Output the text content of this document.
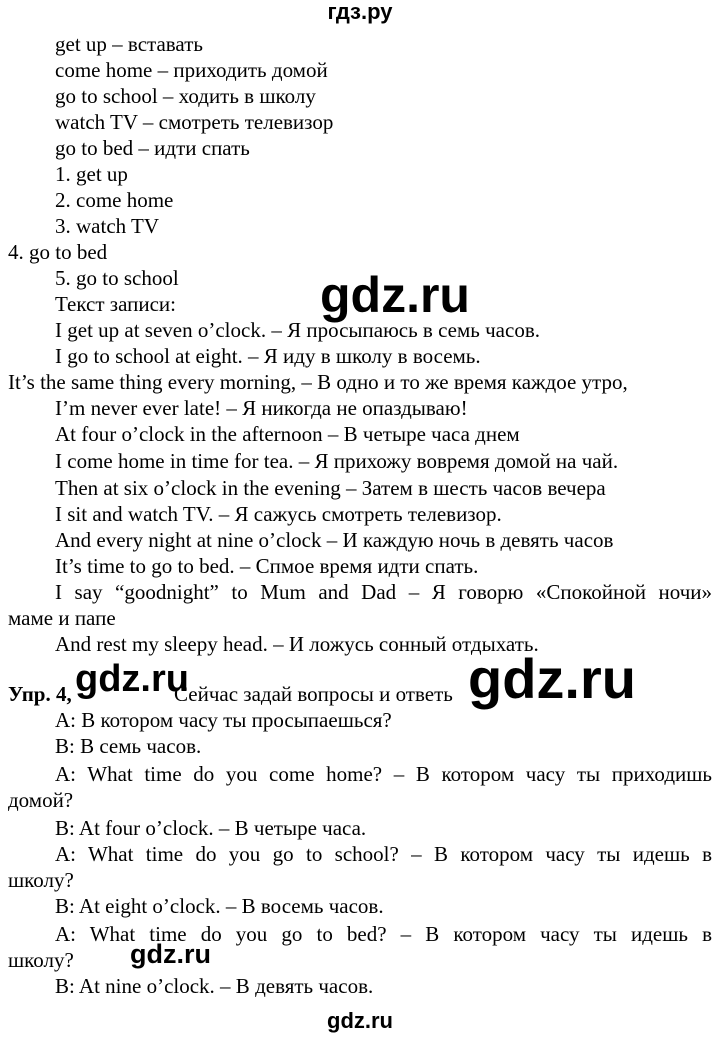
гдз.ру
get up – вставать
come home – приходить домой
go to school – ходить в школу
watch TV – смотреть телевизор
go to bed – идти спать
1. get up
2. come home
3. watch TV
4. go to bed
5. go to school
Текст записи:
I get up at seven o’clock. – Я просыпаюсь в семь часов.
I go to school at eight. – Я иду в школу в восемь.
It’s the same thing every morning, – В одно и то же время каждое утро,
I’m never ever late! – Я никогда не опаздываю!
At four o’clock in the afternoon – В четыре часа днем
I come home in time for tea. – Я прихожу вовремя домой на чай.
Then at six o’clock in the evening – Затем в шесть часов вечера
I sit and watch TV. – Я сажусь смотреть телевизор.
And every night at nine o’clock – И каждую ночь в девять часов
It’s time to go to bed. – Спмое время идти спать.
I say “goodnight” to Mum and Dad – Я говорю «Спокойной ночи»
маме и папе
And rest my sleepy head. – И ложусь сонный отдыхать.
Упр. 4,	Сейчас задай вопросы и ответь
A: В котором часу ты просыпаешься?
B: В семь часов.
A: What time do you come home? – В котором часу ты приходишь
домой?
B: At four o’clock. – В четыре часа.
A: What time do you go to school? – В котором часу ты идешь в
школу?
B: At eight o’clock. – В восемь часов.
A: What time do you go to bed? – В котором часу ты идешь в
школу?
B: At nine o’clock. – В девять часов.
gdz.ru
gdz.ru	gdz.ru
gdz.ru
gdz.ru
